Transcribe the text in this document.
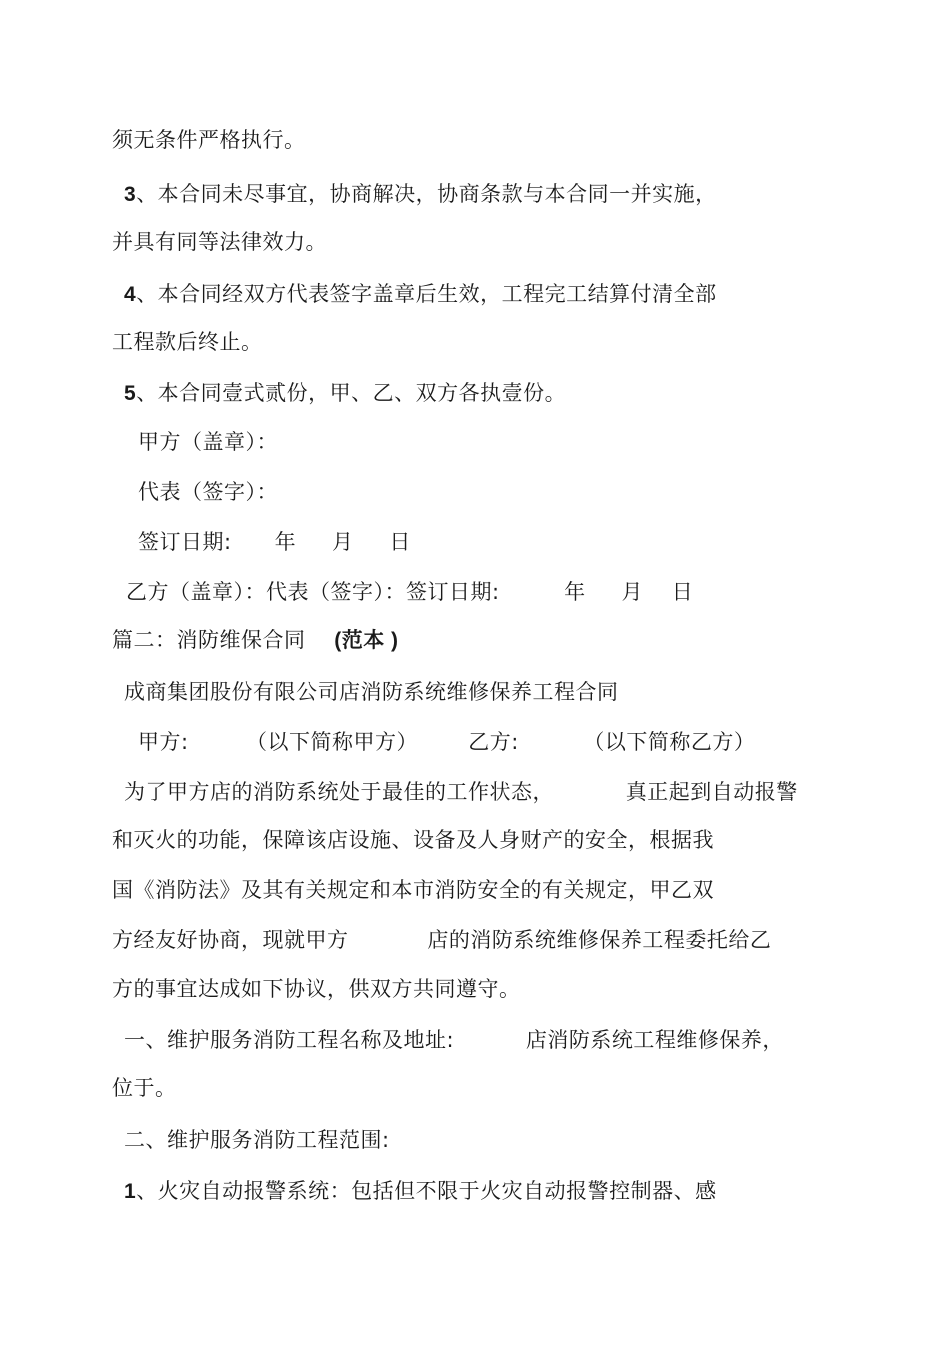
须无条件严格执行。
3、本合同未尽事宜，协商解决，协商条款与本合同一并实施，
并具有同等法律效力。
4、本合同经双方代表签字盖章后生效，工程完工结算付清全部
工程款后终止。
5、本合同壹式贰份，甲、乙、双方各执壹份。
甲方（盖章）：
代表（签字）：
签订日期:      年     月     日
乙方（盖章）：代表（签字）：签订日期:         年     月    日
篇二：消防维保合同 (范本 )
成商集团股份有限公司店消防系统维修保养工程合同
甲方:        （以下简称甲方）       乙方:         （以下简称乙方）
为了甲方店的消防系统处于最佳的工作状态，          真正起到自动报警
和灭火的功能，保障该店设施、设备及人身财产的安全，根据我
国《消防法》及其有关规定和本市消防安全的有关规定，甲乙双
方经友好协商，现就甲方           店的消防系统维修保养工程委托给乙
方的事宜达成如下协议，供双方共同遵守。
一、维护服务消防工程名称及地址:          店消防系统工程维修保养，
位于。
二、维护服务消防工程范围:
1、火灾自动报警系统：包括但不限于火灾自动报警控制器、感
